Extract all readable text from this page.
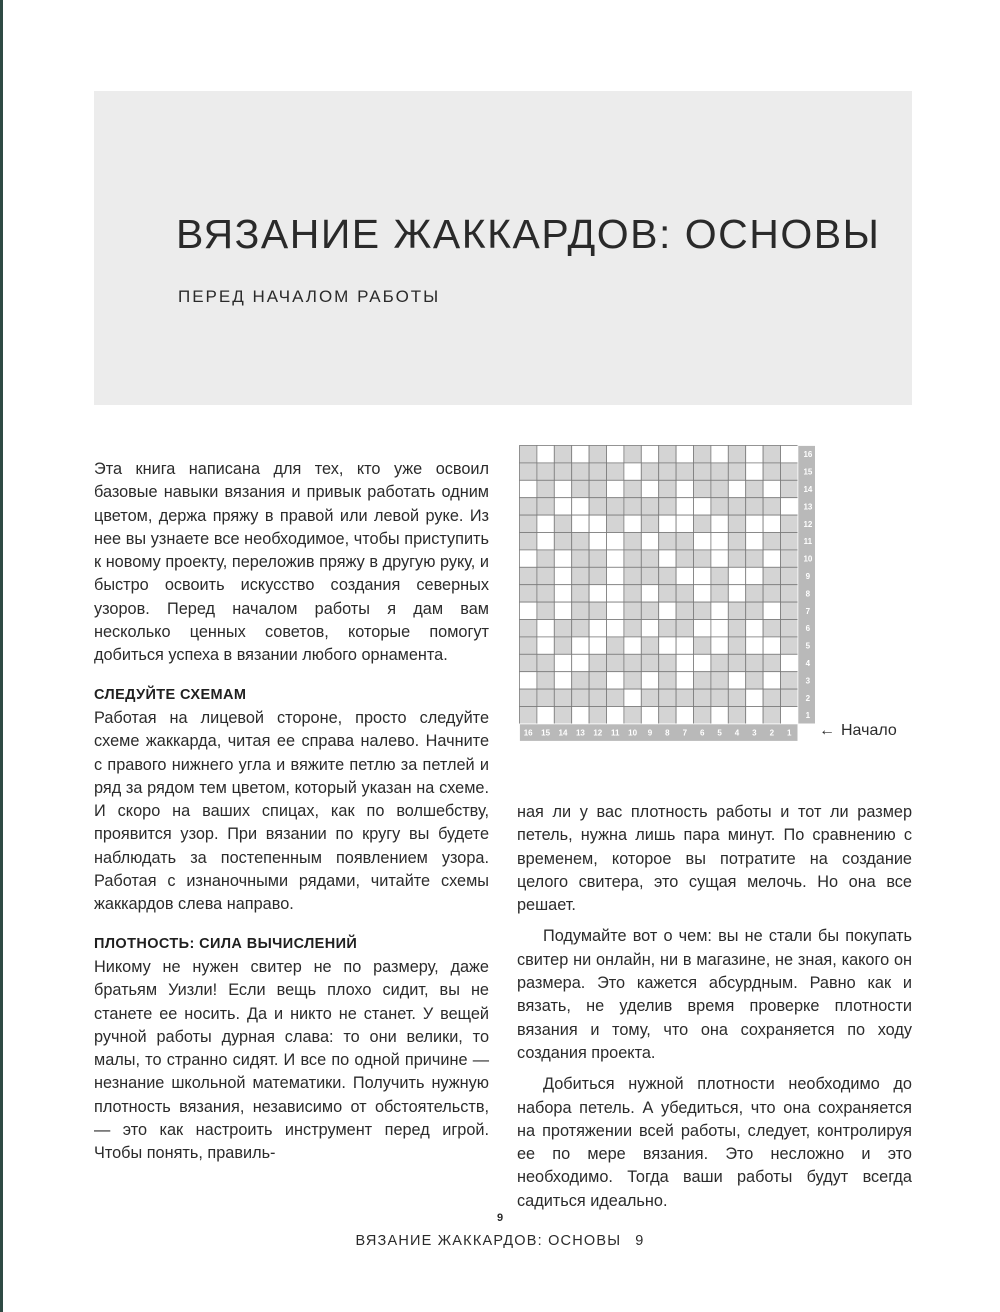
ВЯЗАНИЕ ЖАККАРДОВ: ОСНОВЫ
ПЕРЕД НАЧАЛОМ РАБОТЫ

Эта книга написана для тех, кто уже освоил базовые навыки вязания и привык работать одним цветом, держа пряжу в правой или левой руке. Из нее вы узнаете все необходимое, чтобы приступить к новому проекту, переложив пряжу в другую руку, и быстро освоить искусство создания северных узоров. Перед началом работы я дам вам несколько ценных советов, которые помогут добиться успеха в вязании любого орнамента.

СЛЕДУЙТЕ СХЕМАМ

Работая на лицевой стороне, просто следуйте схеме жаккарда, читая ее справа налево. Начните с правого нижнего угла и вяжите петлю за петлей и ряд за рядом тем цветом, который указан на схеме. И скоро на ваших спицах, как по волшебству, проявится узор. При вязании по кругу вы будете наблюдать за постепенным появлением узора. Работая с изнаночными рядами, читайте схемы жаккардов слева направо.

ПЛОТНОСТЬ: СИЛА ВЫЧИСЛЕНИЙ

Никому не нужен свитер не по размеру, даже братьям Уизли! Если вещь плохо сидит, вы не станете ее носить. Да и никто не станет. У вещей ручной работы дурная слава: то они велики, то малы, то странно сидят. И все по одной причине — незнание школьной математики. Получить нужную плотность вязания, независимо от обстоятельств, — это как настроить инструмент перед игрой. Чтобы понять, правиль-

16
15
14
13
12
11
10
9
8
7
6
5
4
3
2
1
16 15 14 13 12 11 10 9 8 7 6 5 4 3 2 1 ← Начало

ная ли у вас плотность работы и тот ли размер петель, нужна лишь пара минут. По сравнению с временем, которое вы потратите на создание целого свитера, это сущая мелочь. Но она все решает.

Подумайте вот о чем: вы не стали бы покупать свитер ни онлайн, ни в магазине, не зная, какого он размера. Это кажется абсурдным. Равно как и вязать, не уделив время проверке плотности вязания и тому, что она сохраняется по ходу создания проекта.

Добиться нужной плотности необходимо до набора петель. А убедиться, что она сохраняется на протяжении всей работы, следует, контролируя ее по мере вязания. Это несложно и это необходимо. Тогда ваши работы будут всегда садиться идеально.

9
ВЯЗАНИЕ ЖАККАРДОВ: ОСНОВЫ 9
